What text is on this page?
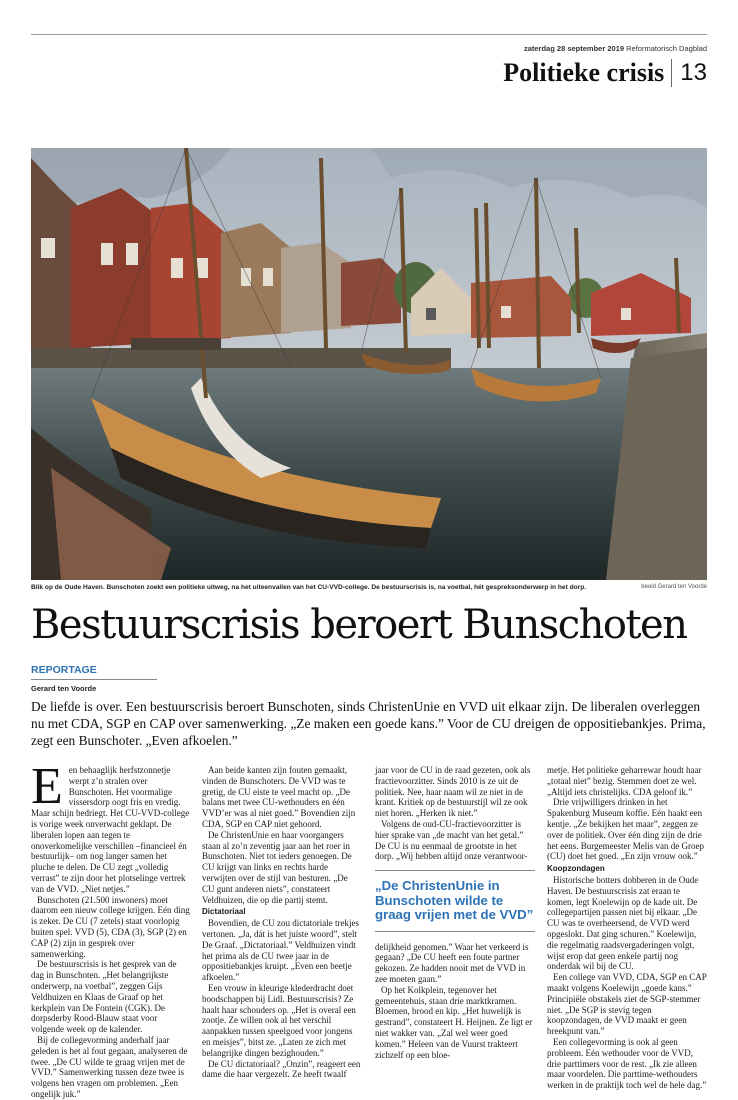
zaterdag 28 september 2019 Reformatorisch Dagblad
Politieke crisis 13
Blik op de Oude Haven. Bunschoten zoekt een politieke uitweg, na het uiteenvallen van het CU-VVD-college. De bestuurscrisis is, na voetbal, hét gespreksonderwerp in het dorp.	beeld Gerard ten Voorde
Bestuurscrisis beroert Bunschoten
REPORTAGE
Gerard ten Voorde

De liefde is over. Een bestuurscrisis beroert Bunschoten, sinds ChristenUnie en VVD uit elkaar zijn. De liberalen overleggen nu met CDA, SGP en CAP over samenwerking. „Ze maken een goede kans.” Voor de CU dreigen de oppositiebankjes. Prima, zegt een Bunschoter. „Even afkoelen.”

Een behaaglijk herfstzonnetje werpt z’n stralen over Bunschoten. Het voormalige vissersdorp oogt fris en vredig. Maar schijn bedriegt. Het CU-VVD-college is vorige week onverwacht geklapt. De liberalen lopen aan tegen te onoverkomelijke verschillen –financieel én bestuurlijk– om nog langer samen het pluche te delen. De CU zegt „volledig verrast” te zijn door het plotselinge vertrek van de VVD. „Niet netjes.”

Bunschoten (21.500 inwoners) moet daarom een nieuw college krijgen. Eén ding is zeker. De CU (7 zetels) staat voorlopig buiten spel. VVD (5), CDA (3), SGP (2) en CAP (2) zijn in gesprek over samenwerking.

De bestuurscrisis is het gesprek van de dag in Bunschoten. „Het belangrijkste onderwerp, na voetbal”, zeggen Gijs Veldhuizen en Klaas de Graaf op het kerkplein van De Fontein (CGK). De dorpsderby Rood-Blauw staat voor volgende week op de kalender.

Bij de collegevorming anderhalf jaar geleden is het al fout gegaan, analyseren de twee. „De CU wilde te graag vrijen met de VVD.” Samenwerking tussen deze twee is volgens hen vragen om problemen. „Een ongelijk juk.”

Aan beide kanten zijn fouten gemaakt, vinden de Bunschoters. De VVD was te gretig, de CU eiste te veel macht op. „De balans met twee CU-wethouders en één VVD’er was al niet goed.” Bovendien zijn CDA, SGP en CAP niet gehoord.

De ChristenUnie en haar voorgangers staan al zo’n zeventig jaar aan het roer in Bunschoten. Niet tot ieders genoegen. De CU krijgt van links en rechts harde verwijten over de stijl van besturen. „De CU gunt anderen niets”, constateert Veldhuizen, die op die partij stemt.

Dictatoriaal

Bovendien, de CU zou dictatoriale trekjes vertonen. „Ja, dát is het juiste woord”, stelt De Graaf. „Dictatoriaal.” Veldhuizen vindt het prima als de CU twee jaar in de oppositiebankjes kruipt. „Even een beetje afkoelen.”

Een vrouw in kleurige klederdracht doet boodschappen bij Lidl. Bestuurscrisis? Ze haalt haar schouders op. „Het is overal een zootje. Ze willen ook al het verschil aanpakken tussen speelgoed voor jongens en meisjes”, bitst ze. „Laten ze zich met belangrijke dingen bezighouden.”

De CU dictatoriaal? „Onzin”, reageert een dame die haar vergezelt. Ze heeft twaalf

jaar voor de CU in de raad gezeten, ook als fractievoorzitter. Sinds 2010 is ze uit de politiek. Nee, haar naam wil ze niet in de krant. Kritiek op de bestuurstijl wil ze ook niet horen. „Herken ik niet.”

Volgens de oud-CU-fractievoorzitter is hier sprake van „de macht van het getal.” De CU is nu eenmaal de grootste in het dorp. „Wij hebben altijd onze verantwoor-

„De ChristenUnie in Bunschoten wilde te graag vrijen met de VVD”

delijkheid genomen.” Waar het verkeerd is gegaan? „De CU heeft een foute partner gekozen. Ze hadden nooit met de VVD in zee moeten gaan.”

Op het Kolkplein, tegenover het gemeentehuis, staan drie marktkramen. Bloemen, brood en kip. „Het huwelijk is gestrand”, constateert H. Heijnen. Ze ligt er niet wakker van. „Zal wel weer goed komen.” Heleen van de Vuurst trakteert zichzelf op een bloe-

metje. Het politieke geharrewar houdt haar „totaal niet” bezig. Stemmen doet ze wel. „Altijd iets christelijks. CDA geloof ik.”

Drie vrijwilligers drinken in het Spakenburg Museum koffie. Eén haakt een kentje. „Ze bekijken het maar”, zeggen ze over de politiek. Over één ding zijn de drie het eens. Burgemeester Melis van de Groep (CU) doet het goed. „En zijn vrouw ook.”

Koopzondagen

Historische botters dobberen in de Oude Haven. De bestuurscrisis zat eraan te komen, legt Koelewijn op de kade uit. De collegepartijen passen niet bij elkaar. „De CU was te overheersend, de VVD werd opgeslokt. Dat ging schuren.” Koelewijn, die regelmatig raadsvergaderingen volgt, wijst erop dat geen enkele partij nog onderdak wil bij de CU.

Een college van VVD, CDA, SGP en CAP maakt volgens Koelewijn „goede kans.” Principiële obstakels ziet de SGP-stemmer niet. „De SGP is stevig tegen koopzondagen, de VVD maakt er geen breekpunt van.”

Een collegevorming is ook al geen probleem. Eén wethouder voor de VVD, drie parttimers voor de rest. „Ik zie alleen maar voordelen. Die parttime-wethouders werken in de praktijk toch wel de hele dag.”
